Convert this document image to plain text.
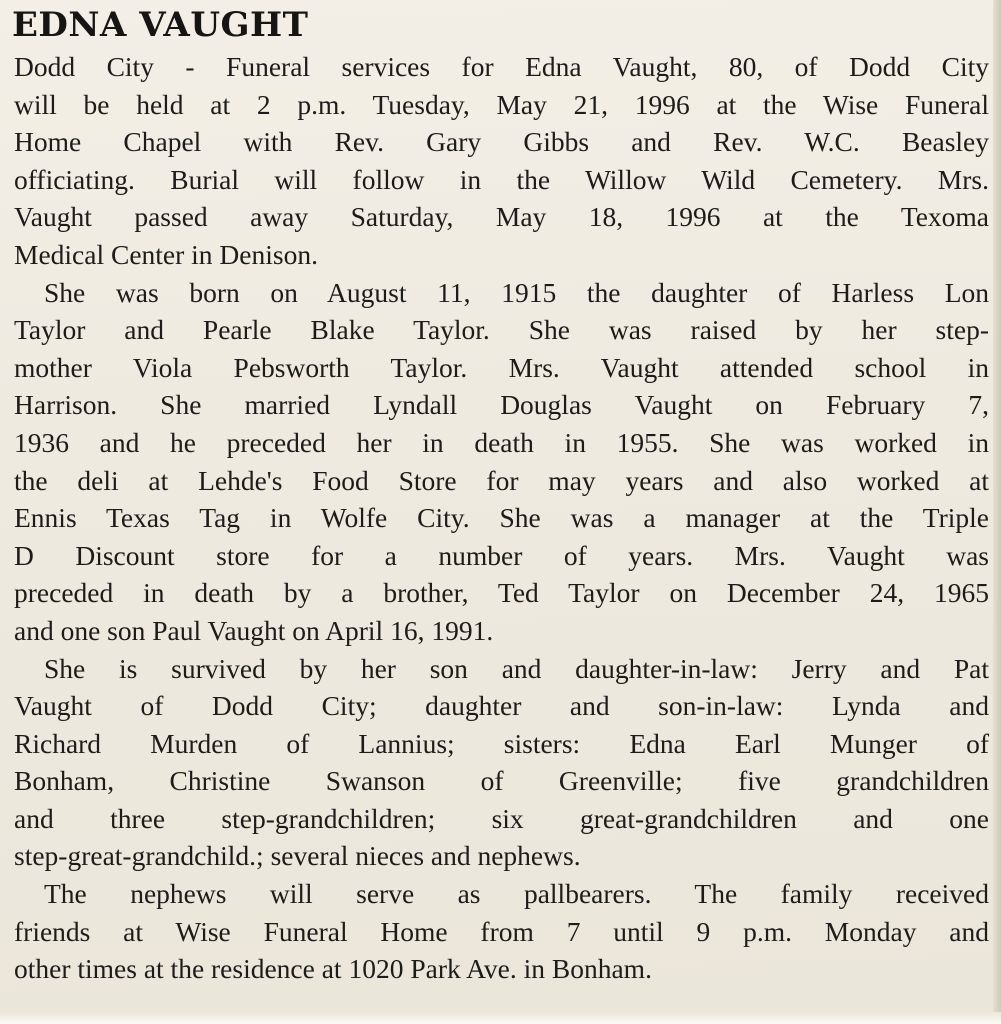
EDNA VAUGHT
Dodd City - Funeral services for Edna Vaught, 80, of Dodd City
will be held at 2 p.m. Tuesday, May 21, 1996 at the Wise Funeral
Home Chapel with Rev. Gary Gibbs and Rev. W.C. Beasley
officiating. Burial will follow in the Willow Wild Cemetery. Mrs.
Vaught passed away Saturday, May 18, 1996 at the Texoma
Medical Center in Denison.
She was born on August 11, 1915 the daughter of Harless Lon
Taylor and Pearle Blake Taylor. She was raised by her step-
mother Viola Pebsworth Taylor. Mrs. Vaught attended school in
Harrison. She married Lyndall Douglas Vaught on February 7,
1936 and he preceded her in death in 1955. She was worked in
the deli at Lehde's Food Store for may years and also worked at
Ennis Texas Tag in Wolfe City. She was a manager at the Triple
D Discount store for a number of years. Mrs. Vaught was
preceded in death by a brother, Ted Taylor on December 24, 1965
and one son Paul Vaught on April 16, 1991.
She is survived by her son and daughter-in-law: Jerry and Pat
Vaught of Dodd City; daughter and son-in-law: Lynda and
Richard Murden of Lannius; sisters: Edna Earl Munger of
Bonham, Christine Swanson of Greenville; five grandchildren
and three step-grandchildren; six great-grandchildren and one
step-great-grandchild.; several nieces and nephews.
The nephews will serve as pallbearers. The family received
friends at Wise Funeral Home from 7 until 9 p.m. Monday and
other times at the residence at 1020 Park Ave. in Bonham.
